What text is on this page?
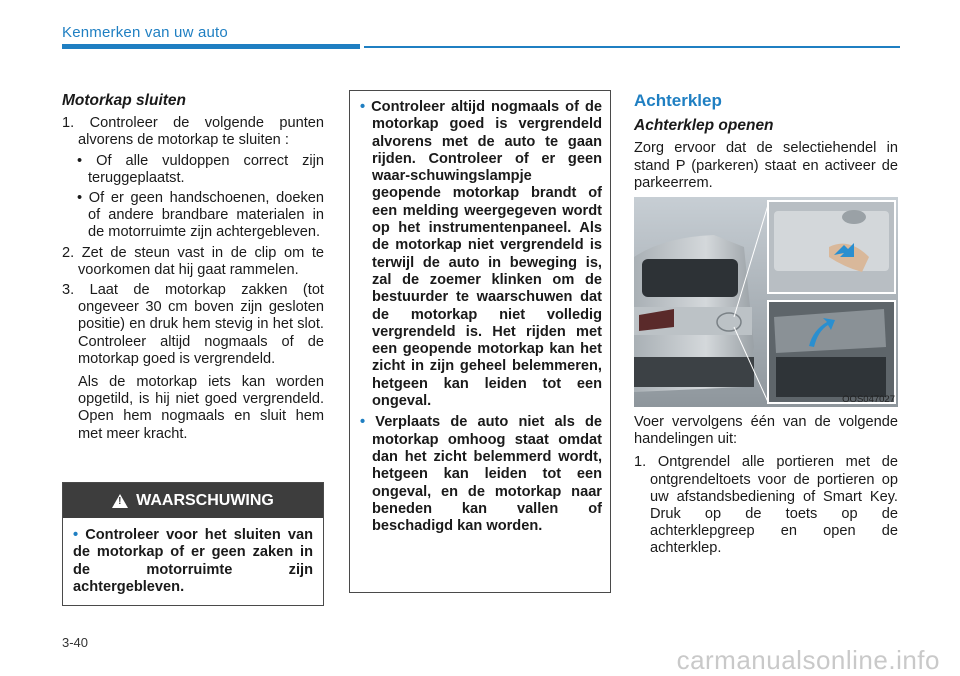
Kenmerken van uw auto
Motorkap sluiten

1. Controleer de volgende punten alvorens de motorkap te sluiten :

• Of alle vuldoppen correct zijn teruggeplaatst.

• Of er geen handschoenen, doeken of andere brandbare materialen in de motorruimte zijn achtergebleven.

2. Zet de steun vast in de clip om te voorkomen dat hij gaat rammelen.

3. Laat de motorkap zakken (tot ongeveer 30 cm boven zijn gesloten positie) en druk hem stevig in het slot. Controleer altijd nogmaals of de motorkap goed is vergrendeld.

Als de motorkap iets kan worden opgetild, is hij niet goed vergrendeld. Open hem nogmaals en sluit hem met meer kracht.

! WAARSCHUWING
• Controleer voor het sluiten van de motorkap of er geen zaken in de motorruimte zijn achtergebleven.

• Controleer altijd nogmaals of de motorkap goed is vergrendeld alvorens met de auto te gaan rijden. Controleer of er geen waar-schuwingslampje geopende motorkap brandt of een melding weergegeven wordt op het instrumentenpaneel. Als de motorkap niet vergrendeld is terwijl de auto in beweging is, zal de zoemer klinken om de bestuurder te waarschuwen dat de motorkap niet volledig vergrendeld is. Het rijden met een geopende motorkap kan het zicht in zijn geheel belemmeren, hetgeen kan leiden tot een ongeval.

• Verplaats de auto niet als de motorkap omhoog staat omdat dan het zicht belemmerd wordt, hetgeen kan leiden tot een ongeval, en de motorkap naar beneden kan vallen of beschadigd kan worden.

Achterklep
Achterklep openen

Zorg ervoor dat de selectiehendel in stand P (parkeren) staat en activeer de parkeerrem.

OOS047027

Voer vervolgens één van de volgende handelingen uit:

1. Ontgrendel alle portieren met de ontgrendeltoets voor de portieren op uw afstandsbediening of Smart Key. Druk op de toets op de achterklepgreep en open de achterklep.

3-40
carmanualsonline.info
